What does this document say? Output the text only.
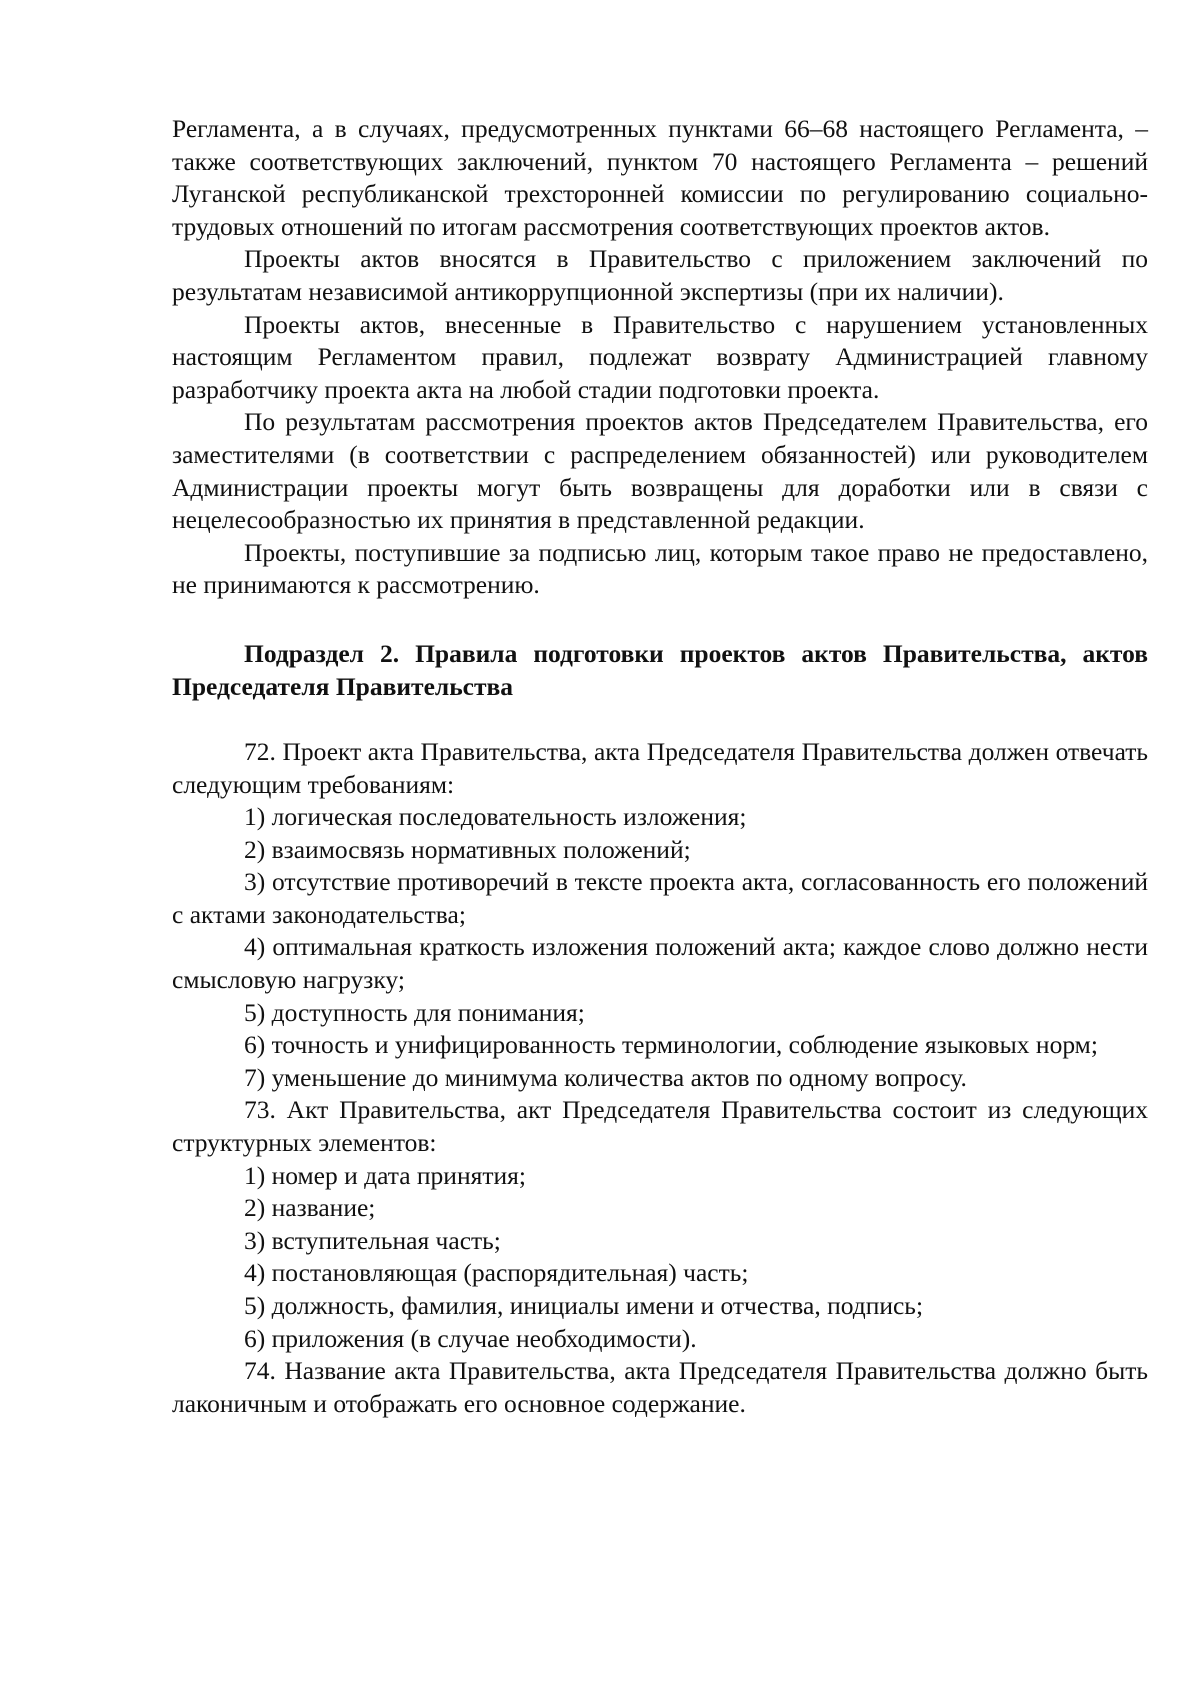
Регламента, а в случаях, предусмотренных пунктами 66–68 настоящего Регламента, – также соответствующих заключений, пунктом 70 настоящего Регламента – решений Луганской республиканской трехсторонней комиссии по регулированию социально-трудовых отношений по итогам рассмотрения соответствующих проектов актов.

Проекты актов вносятся в Правительство с приложением заключений по результатам независимой антикоррупционной экспертизы (при их наличии).

Проекты актов, внесенные в Правительство с нарушением установленных настоящим Регламентом правил, подлежат возврату Администрацией главному разработчику проекта акта на любой стадии подготовки проекта.

По результатам рассмотрения проектов актов Председателем Правительства, его заместителями (в соответствии с распределением обязанностей) или руководителем Администрации проекты могут быть возвращены для доработки или в связи с нецелесообразностью их принятия в представленной редакции.

Проекты, поступившие за подписью лиц, которым такое право не предоставлено, не принимаются к рассмотрению.

Подраздел 2. Правила подготовки проектов актов Правительства, актов Председателя Правительства

72. Проект акта Правительства, акта Председателя Правительства должен отвечать следующим требованиям:

1) логическая последовательность изложения;

2) взаимосвязь нормативных положений;

3) отсутствие противоречий в тексте проекта акта, согласованность его положений с актами законодательства;

4) оптимальная краткость изложения положений акта; каждое слово должно нести смысловую нагрузку;

5) доступность для понимания;

6) точность и унифицированность терминологии, соблюдение языковых норм;

7) уменьшение до минимума количества актов по одному вопросу.

73. Акт Правительства, акт Председателя Правительства состоит из следующих структурных элементов:

1) номер и дата принятия;

2) название;

3) вступительная часть;

4) постановляющая (распорядительная) часть;

5) должность, фамилия, инициалы имени и отчества, подпись;

6) приложения (в случае необходимости).

74. Название акта Правительства, акта Председателя Правительства должно быть лаконичным и отображать его основное содержание.
